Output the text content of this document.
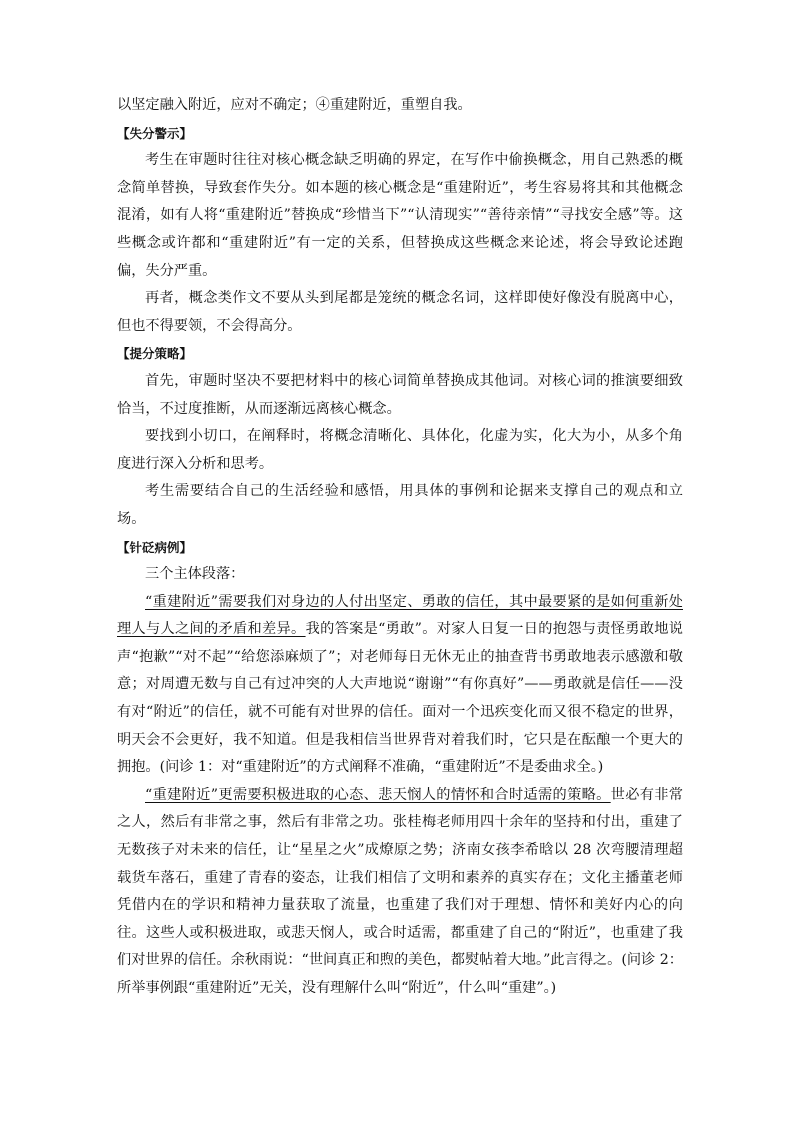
以坚定融入附近，应对不确定；④重建附近，重塑自我。

【失分警示】

考生在审题时往往对核心概念缺乏明确的界定，在写作中偷换概念，用自己熟悉的概念简单替换，导致套作失分。如本题的核心概念是“重建附近”，考生容易将其和其他概念混淆，如有人将“重建附近”替换成“珍惜当下”“认清现实”“善待亲情”“寻找安全感”等。这些概念或许都和“重建附近”有一定的关系，但替换成这些概念来论述，将会导致论述跑偏，失分严重。

再者，概念类作文不要从头到尾都是笼统的概念名词，这样即使好像没有脱离中心，但也不得要领，不会得高分。

【提分策略】

首先，审题时坚决不要把材料中的核心词简单替换成其他词。对核心词的推演要细致恰当，不过度推断，从而逐渐远离核心概念。

要找到小切口，在阐释时，将概念清晰化、具体化，化虚为实，化大为小，从多个角度进行深入分析和思考。

考生需要结合自己的生活经验和感悟，用具体的事例和论据来支撑自己的观点和立场。

【针砭病例】

三个主体段落：

“重建附近”需要我们对身边的人付出坚定、勇敢的信任，其中最要紧的是如何重新处理人与人之间的矛盾和差异。我的答案是“勇敢”。对家人日复一日的抱怨与责怪勇敢地说声“抱歉”“对不起”“给您添麻烦了”；对老师每日无休无止的抽查背书勇敢地表示感激和敬意；对周遭无数与自己有过冲突的人大声地说“谢谢”“有你真好”——勇敢就是信任——没有对“附近”的信任，就不可能有对世界的信任。面对一个迅疾变化而又很不稳定的世界，明天会不会更好，我不知道。但是我相信当世界背对着我们时，它只是在酝酿一个更大的拥抱。(问诊 1：对“重建附近”的方式阐释不准确，“重建附近”不是委曲求全。)

“重建附近”更需要积极进取的心态、悲天悯人的情怀和合时适需的策略。世必有非常之人，然后有非常之事，然后有非常之功。张桂梅老师用四十余年的坚持和付出，重建了无数孩子对未来的信任，让“星星之火”成燎原之势；济南女孩李希晗以 28 次弯腰清理超载货车落石，重建了青春的姿态，让我们相信了文明和素养的真实存在；文化主播董老师凭借内在的学识和精神力量获取了流量，也重建了我们对于理想、情怀和美好内心的向往。这些人或积极进取，或悲天悯人，或合时适需，都重建了自己的“附近”，也重建了我们对世界的信任。余秋雨说：“世间真正和煦的美色，都熨帖着大地。”此言得之。(问诊 2：所举事例跟“重建附近”无关，没有理解什么叫“附近”，什么叫“重建”。)
